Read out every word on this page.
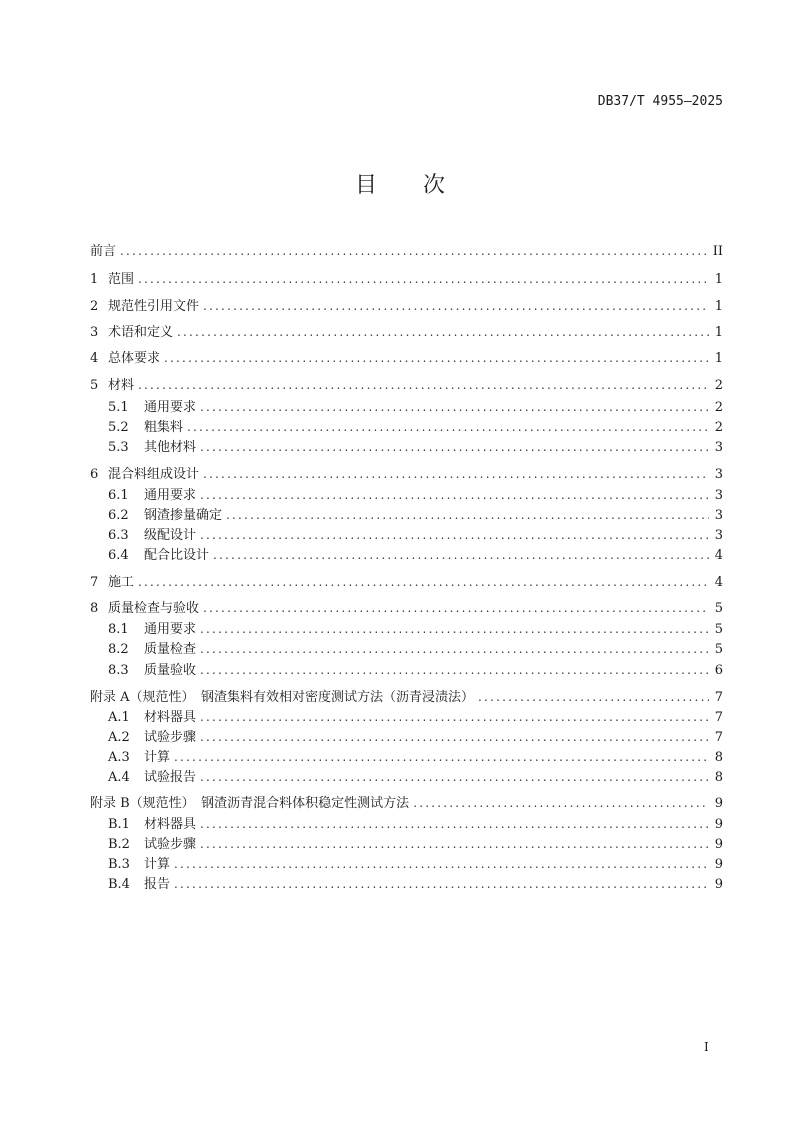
DB37/T 4955—2025
目 次
前言 .....	II
1 范围 .....	1
2 规范性引用文件 .....	1
3 术语和定义 .....	1
4 总体要求 .....	1
5 材料 .....	2
5.1	通用要求 .....	2
5.2	粗集料 .....	2
5.3	其他材料 .....	3
6 混合料组成设计 .....	3
6.1	通用要求 .....	3
6.2	钢渣掺量确定 .....	3
6.3	级配设计 .....	3
6.4	配合比设计 .....	4
7 施工 .....	4
8 质量检查与验收 .....	5
8.1	通用要求 .....	5
8.2	质量检查 .....	5
8.3	质量验收 .....	6
附录 A（规范性）　钢渣集料有效相对密度测试方法（沥青浸渍法） .....	7
A.1	材料器具 .....	7
A.2	试验步骤 .....	7
A.3	计算 .....	8
A.4	试验报告 .....	8
附录 B（规范性）　钢渣沥青混合料体积稳定性测试方法 .....	9
B.1	材料器具 .....	9
B.2	试验步骤 .....	9
B.3	计算 .....	9
B.4	报告 .....	9
I
